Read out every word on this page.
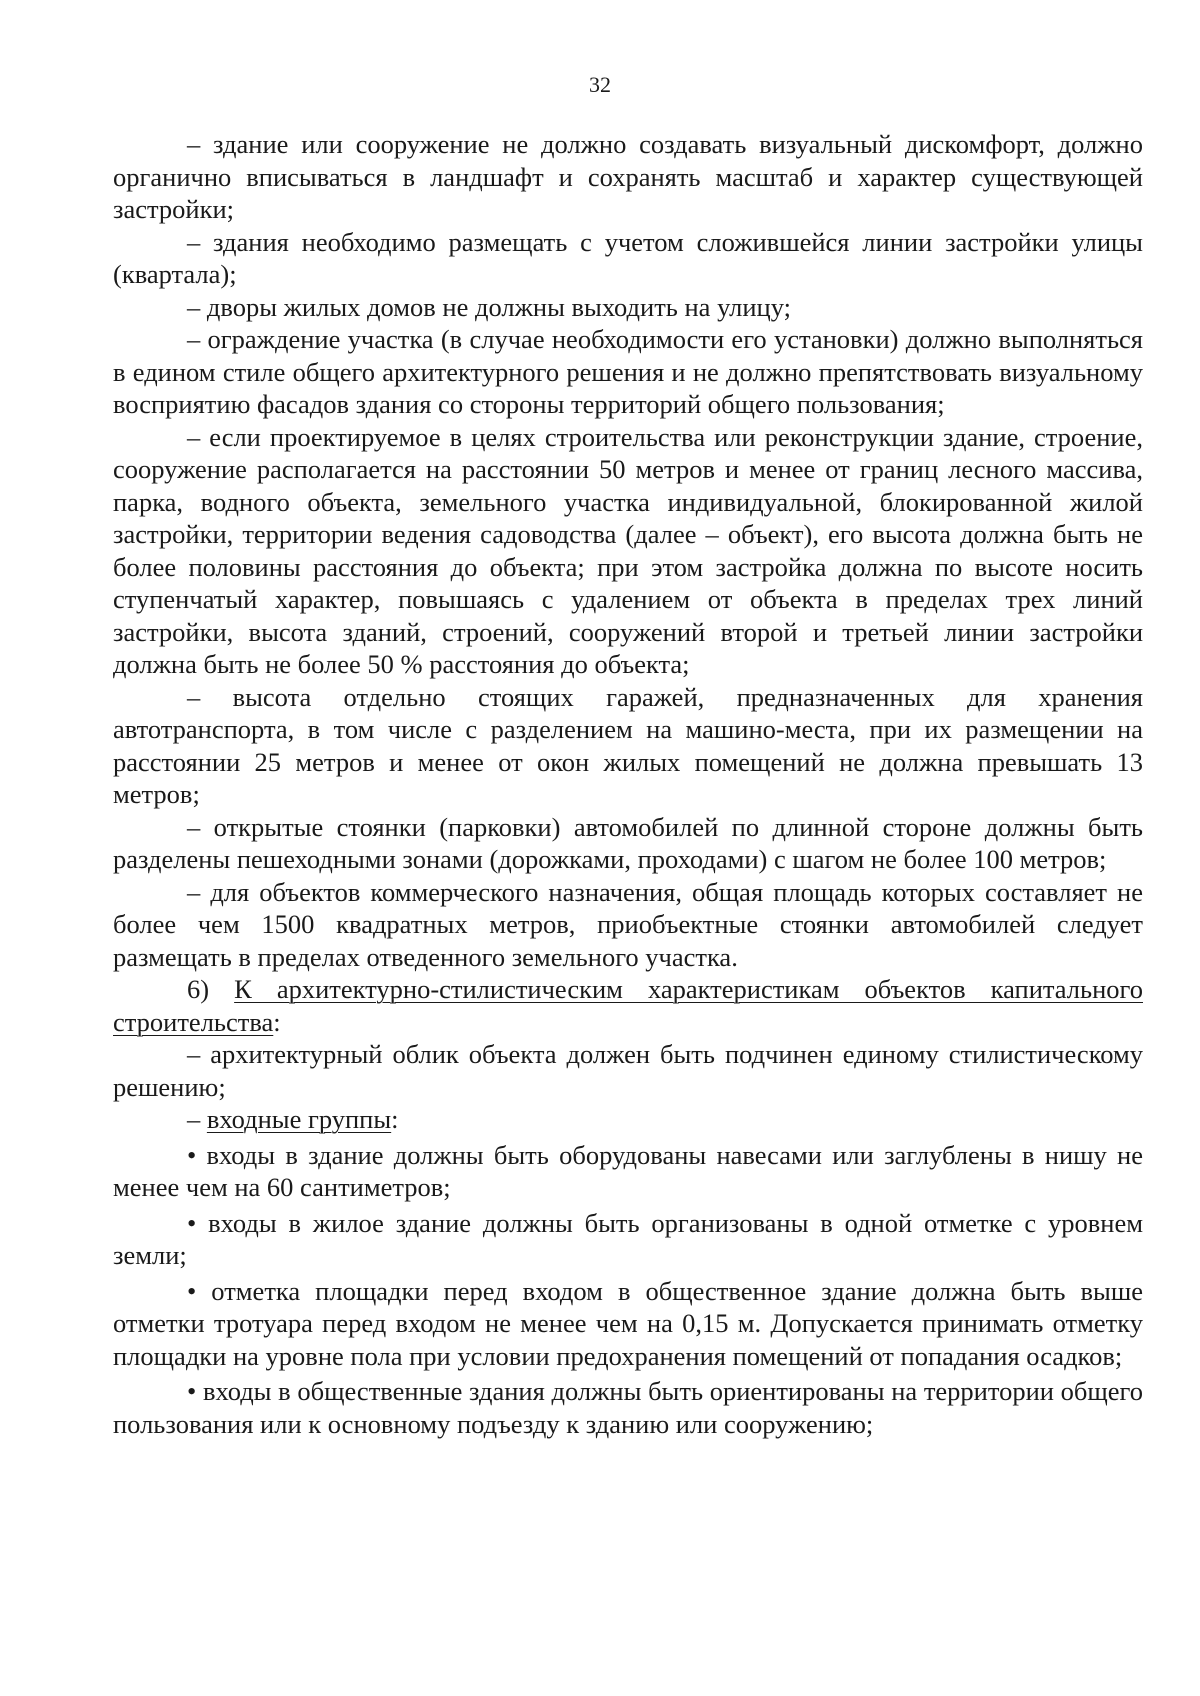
32

– здание или сооружение не должно создавать визуальный дискомфорт, должно органично вписываться в ландшафт и сохранять масштаб и характер существующей застройки;

– здания необходимо размещать с учетом сложившейся линии застройки улицы (квартала);

– дворы жилых домов не должны выходить на улицу;

– ограждение участка (в случае необходимости его установки) должно выполняться в едином стиле общего архитектурного решения и не должно препятствовать визуальному восприятию фасадов здания со стороны территорий общего пользования;

– если проектируемое в целях строительства или реконструкции здание, строение, сооружение располагается на расстоянии 50 метров и менее от границ лесного массива, парка, водного объекта, земельного участка индивидуальной, блокированной жилой застройки, территории ведения садоводства (далее – объект), его высота должна быть не более половины расстояния до объекта; при этом застройка должна по высоте носить ступенчатый характер, повышаясь с удалением от объекта в пределах трех линий застройки, высота зданий, строений, сооружений второй и третьей линии застройки должна быть не более 50 % расстояния до объекта;

– высота отдельно стоящих гаражей, предназначенных для хранения автотранспорта, в том числе с разделением на машино-места, при их размещении на расстоянии 25 метров и менее от окон жилых помещений не должна превышать 13 метров;

– открытые стоянки (парковки) автомобилей по длинной стороне должны быть разделены пешеходными зонами (дорожками, проходами) с шагом не более 100 метров;

– для объектов коммерческого назначения, общая площадь которых составляет не более чем 1500 квадратных метров, приобъектные стоянки автомобилей следует размещать в пределах отведенного земельного участка.

6) К архитектурно-стилистическим характеристикам объектов капитального строительства:

– архитектурный облик объекта должен быть подчинен единому стилистическому решению;

– входные группы:

• входы в здание должны быть оборудованы навесами или заглублены в нишу не менее чем на 60 сантиметров;

• входы в жилое здание должны быть организованы в одной отметке с уровнем земли;

• отметка площадки перед входом в общественное здание должна быть выше отметки тротуара перед входом не менее чем на 0,15 м. Допускается принимать отметку площадки на уровне пола при условии предохранения помещений от попадания осадков;

• входы в общественные здания должны быть ориентированы на территории общего пользования или к основному подъезду к зданию или сооружению;
